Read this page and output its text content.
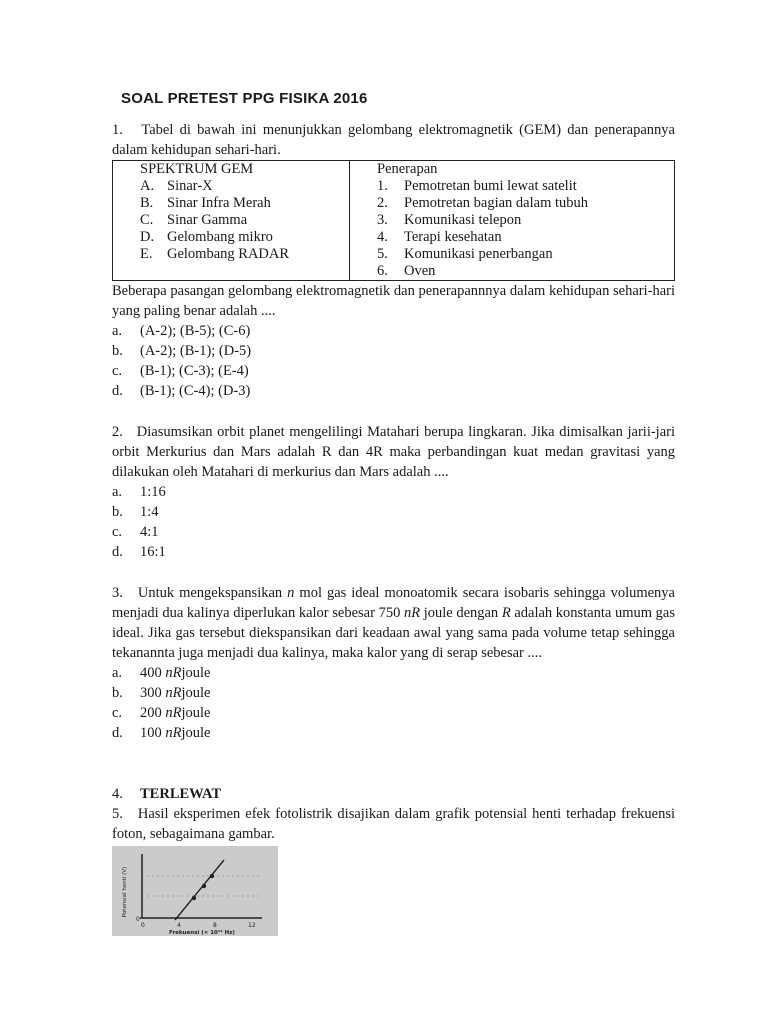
SOAL PRETEST PPG FISIKA 2016

1. Tabel di bawah ini menunjukkan gelombang elektromagnetik (GEM) dan penerapannya dalam kehidupan sehari-hari.

SPEKTRUM GEM
A. Sinar-X
B. Sinar Infra Merah
C. Sinar Gamma
D. Gelombang mikro
E.	Gelombang RADAR

Penerapan
1.	Pemotretan bumi lewat satelit
2.	Pemotretan bagian dalam tubuh
3.	Komunikasi telepon
4.	Terapi kesehatan
5.	Komunikasi penerbangan
6.	Oven

Beberapa pasangan gelombang elektromagnetik dan penerapannnya dalam kehidupan sehari-hari yang paling benar adalah ....

a.	(A-2); (B-5); (C-6)
b.	(A-2); (B-1); (D-5)
c.	(B-1); (C-3); (E-4)
d.	(B-1); (C-4); (D-3)

2. Diasumsikan orbit planet mengelilingi Matahari berupa lingkaran. Jika dimisalkan jarii-jari orbit Merkurius dan Mars adalah R dan 4R maka perbandingan kuat medan gravitasi yang dilakukan oleh Matahari di merkurius dan Mars adalah ....

a.	1:16
b.	1:4
c.	4:1
d.	16:1

3. Untuk mengekspansikan n mol gas ideal monoatomik secara isobaris sehingga volumenya menjadi dua kalinya diperlukan kalor sebesar 750 nR joule dengan R adalah konstanta umum gas ideal. Jika gas tersebut diekspansikan dari keadaan awal yang sama pada volume tetap sehingga tekanannta juga menjadi dua kalinya, maka kalor yang di serap sebesar ....

a.	400
nR joule
b.	300
nR joule
c.	200
nR joule
d.	100
nR joule
4.	TERLEWAT

5. Hasil eksperimen efek fotolistrik disajikan dalam grafik potensial henti terhadap frekuensi foton, sebagaimana gambar.

Potensial henti (V)
0
0	4	8	12
Frekuensi (× 10¹⁴ Hz)
